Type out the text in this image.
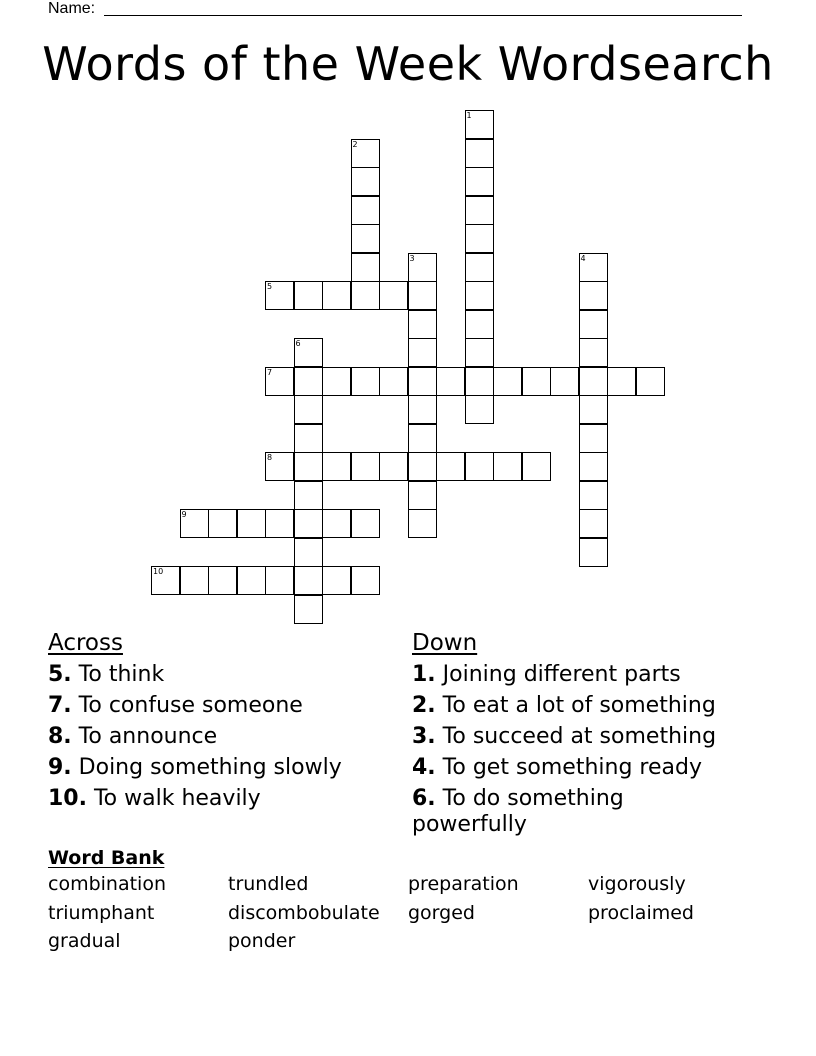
Name:
Words of the Week Wordsearch
1
2
3	4
5
6
7
8
9
10
Across
5. To think
7. To confuse someone
8. To announce
9. Doing something slowly
10. To walk heavily
Down
1. Joining different parts
2. To eat a lot of something
3. To succeed at something
4. To get something ready
6. To do something powerfully
Word Bank
combination	trundled	preparation	vigorously
triumphant	discombobulate	gorged	proclaimed
gradual	ponder
